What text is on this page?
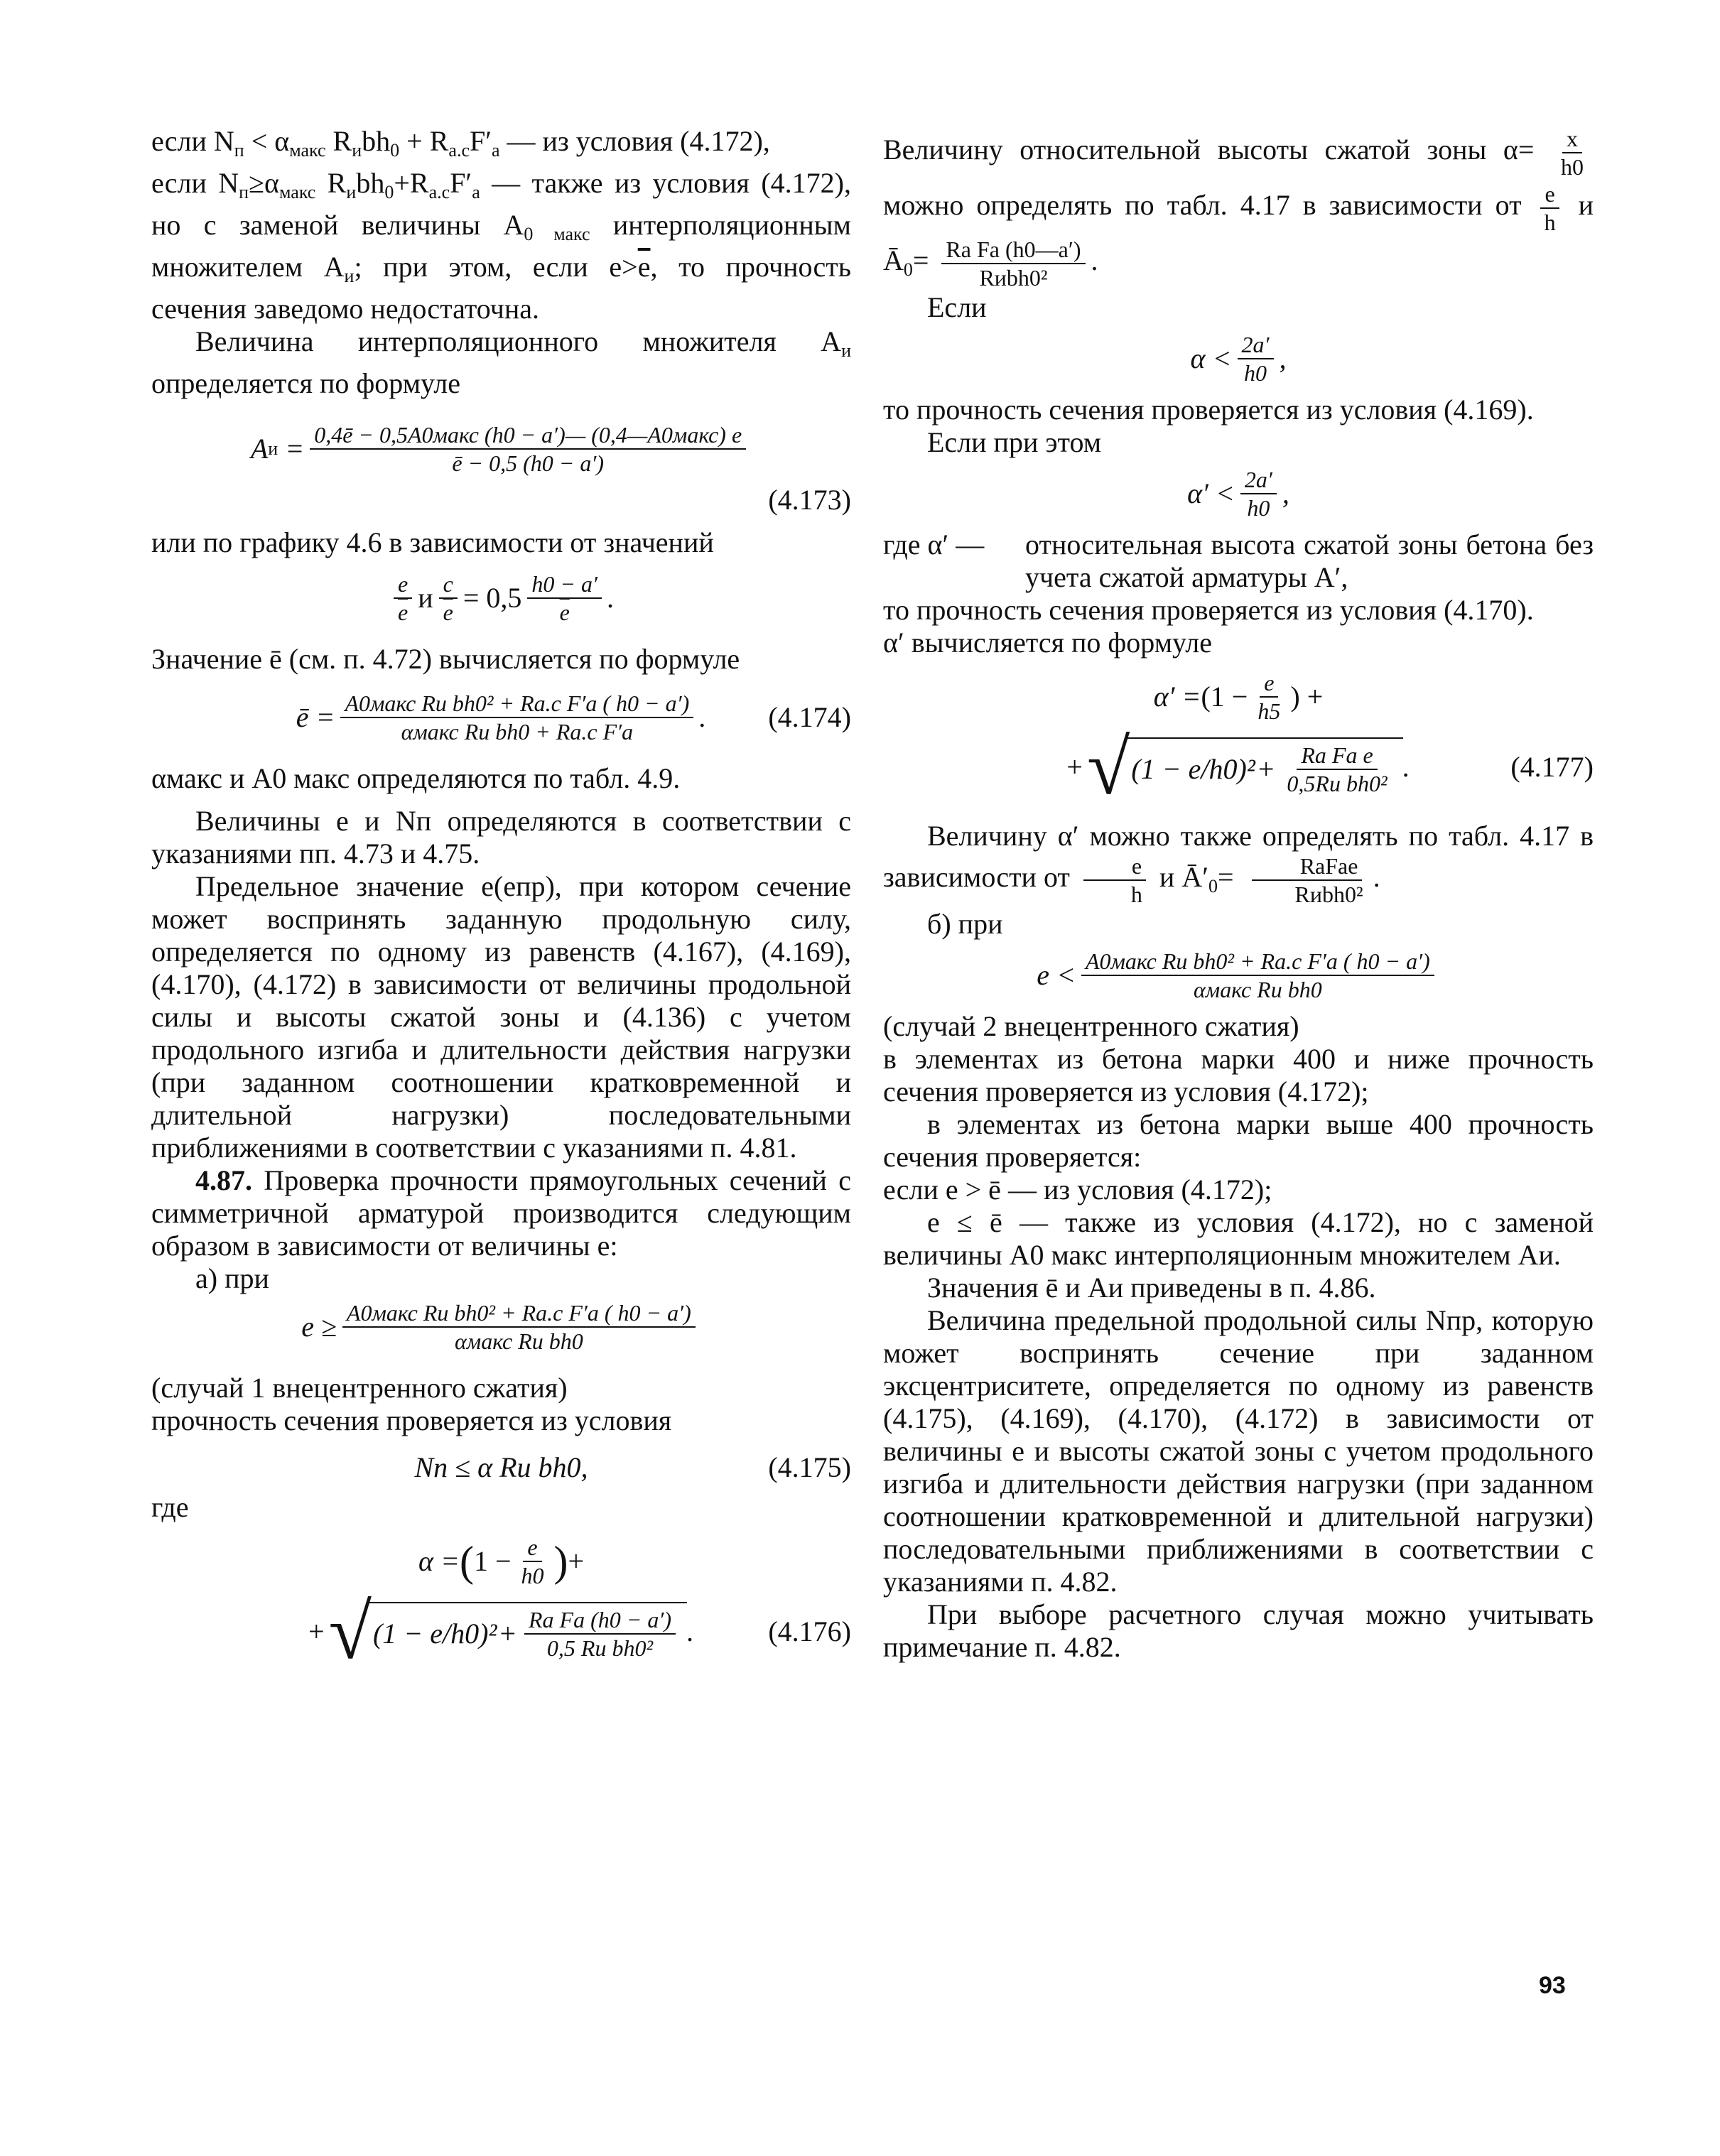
если $N_п < \alpha_{макс}$ $R_иbh_0 + R_{а.с}F'_а$ — из условия (4.172),

если $N_п\ge\alpha_{макс}$ $R_иbh_0+R_{а.с}F'_а$ — также из условия (4.172), но с заменой величины $A_{0 макс}$ интерполяционным множителем $A_и$; при этом, если $e>\overline{e}$, то прочность сечения заведомо недостаточна.

Величина интерполяционного множителя $A_и$ определяется по формуле

A и = 0,4ē − 0,5A0макс (h0 − a′)— (0,4—A0макс) e
ē − 0,5 (h0 − a′)
(4.173)

или по графику 4.6 в зависимости от значений

e
$\overline{e}$ и $\frac{c}{e} = 0,5$ h0 − a′
$\overline{e}$ .

Значение ē (см. п. 4.72) вычисляется по формуле

ē = A0макс Rи bh0² + Rа.с F′а ( h0 − a′)
αмакс Rи bh0 + Rа.с F′а . (4.174)

αмакс и A0 макс определяются по табл. 4.9.

Величины e и Nп определяются в соответствии с указаниями пп. 4.73 и 4.75.

Предельное значение e(eпр), при котором сечение может воспринять заданную продольную силу, определяется по одному из равенств (4.167), (4.169), (4.170), (4.172) в зависимости от величины продольной силы и высоты сжатой зоны и (4.136) с учетом продольного изгиба и длительности действия нагрузки (при заданном соотношении кратковременной и длительной нагрузки) последовательными приближениями в соответствии с указаниями п. 4.81.

4.87. Проверка прочности прямоугольных сечений с симметричной арматурой производится следующим образом в зависимости от величины e:

а) при

e ≥ A0макс Rи bh0² + Rа.с F′а ( h0 − a′)
αмакс Rи bh0

(случай 1 внецентренного сжатия)

прочность сечения проверяется из условия

Nп ≤ α Rи bh0,	(4.175)

где

α = ( $1 - \frac{e}{h0}$ ) +
+ √ (1 − e/h0)² + Rа Fа (h0 − a′)
0,5 Rи bh0²
.	(4.176)

Величину относительной высоты сжатой зоны $\alpha= \frac{x}{h0}$
можно определять по табл. 4.17 в зависимости от $\frac{e}{h}$ и $Ā_0=$ Rа Fа (h0—a′)
Rиbh0²
.

Если

α < 2a′
h0 ,

то прочность сечения проверяется из условия (4.169).

Если при этом

α′ < 2a′
h0 ,
где α′ —	относительная высота сжатой зоны бетона без учета сжатой арматуры A′,

то прочность сечения проверяется из условия (4.170).

α′ вычисляется по формуле

$\alpha' = (1 - \frac{e}{h5}$ ) +
+ √ (1 − e/h0)² + Rа Fа e
0,5Rи bh0²
.	(4.177)

Величину α′ можно также определять по табл. 4.17 в зависимости от $\frac{e}{h}$ и $Ā'_0=$	RаFаe
Rиbh0²
.

б) при

e < A0макс Rи bh0² + Rа.с F′а ( h0 − a′)
αмакс Rи bh0

(случай 2 внецентренного сжатия)

в элементах из бетона марки 400 и ниже прочность сечения проверяется из условия (4.172);

в элементах из бетона марки выше 400 прочность сечения проверяется:

если e > ē — из условия (4.172);

e ≤ ē — также из условия (4.172), но с заменой величины A0 макс интерполяционным множителем Aи.

Значения ē и Aи приведены в п. 4.86.

Величина предельной продольной силы Nпр, которую может воспринять сечение при заданном эксцентриситете, определяется по одному из равенств (4.175), (4.169), (4.170), (4.172) в зависимости от величины e и высоты сжатой зоны с учетом продольного изгиба и длительности действия нагрузки (при заданном соотношении кратковременной и длительной нагрузки) последовательными приближениями в соответствии с указаниями п. 4.82.

При выборе расчетного случая можно учитывать примечание п. 4.82.

93
